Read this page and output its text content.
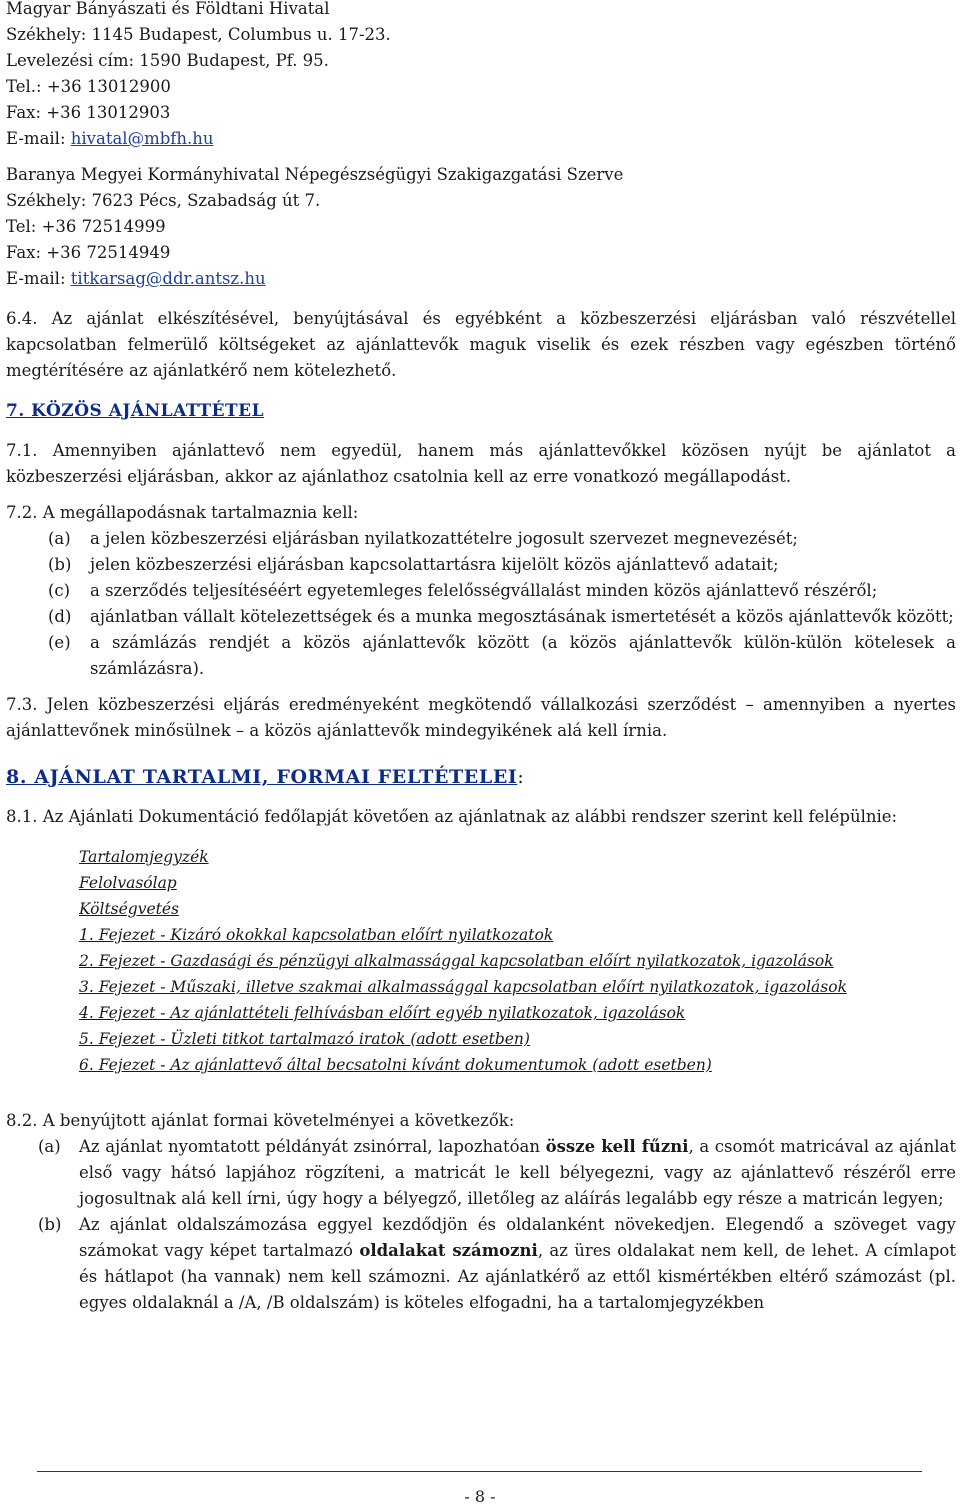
Magyar Bányászati és Földtani Hivatal
Székhely: 1145 Budapest, Columbus u. 17-23.
Levelezési cím: 1590 Budapest, Pf. 95.
Tel.: +36 13012900
Fax: +36 13012903
E-mail: hivatal@mbfh.hu
Baranya Megyei Kormányhivatal Népegészségügyi Szakigazgatási Szerve
Székhely: 7623 Pécs, Szabadság út 7.
Tel: +36 72514999
Fax: +36 72514949
E-mail: titkarsag@ddr.antsz.hu

6.4. Az ajánlat elkészítésével, benyújtásával és egyébként a közbeszerzési eljárásban való részvétellel kapcsolatban felmerülő költségeket az ajánlattevők maguk viselik és ezek részben vagy egészben történő megtérítésére az ajánlatkérő nem kötelezhető.

7. KÖZÖS AJÁNLATTÉTEL

7.1. Amennyiben ajánlattevő nem egyedül, hanem más ajánlattevőkkel közösen nyújt be ajánlatot a közbeszerzési eljárásban, akkor az ajánlathoz csatolnia kell az erre vonatkozó megállapodást.

7.2. A megállapodásnak tartalmaznia kell:

(a)	a jelen közbeszerzési eljárásban nyilatkozattételre jogosult szervezet megnevezését;
(b)	jelen közbeszerzési eljárásban kapcsolattartásra kijelölt közös ajánlattevő adatait;
(c)	a szerződés teljesítéséért egyetemleges felelősségvállalást minden közös ajánlattevő részéről;
(d)	ajánlatban vállalt kötelezettségek és a munka megosztásának ismertetését a közös ajánlattevők között;
(e)	a számlázás rendjét a közös ajánlattevők között (a közös ajánlattevők külön-külön kötelesek a számlázásra).

7.3. Jelen közbeszerzési eljárás eredményeként megkötendő vállalkozási szerződést – amennyiben a nyertes ajánlattevőnek minősülnek – a közös ajánlattevők mindegyikének alá kell írnia.

8. AJÁNLAT TARTALMI, FORMAI FELTÉTELEI:

8.1. Az Ajánlati Dokumentáció fedőlapját követően az ajánlatnak az alábbi rendszer szerint kell felépülnie:

Tartalomjegyzék
Felolvasólap
Költségvetés
1. Fejezet - Kizáró okokkal kapcsolatban előírt nyilatkozatok
2. Fejezet - Gazdasági és pénzügyi alkalmassággal kapcsolatban előírt nyilatkozatok, igazolások
3. Fejezet - Műszaki, illetve szakmai alkalmassággal kapcsolatban előírt nyilatkozatok, igazolások
4. Fejezet - Az ajánlattételi felhívásban előírt egyéb nyilatkozatok, igazolások
5. Fejezet - Üzleti titkot tartalmazó iratok (adott esetben)
6. Fejezet - Az ajánlattevő által becsatolni kívánt dokumentumok (adott esetben)

8.2. A benyújtott ajánlat formai követelményei a következők:

(a)	Az ajánlat nyomtatott példányát zsinórral, lapozhatóan össze kell fűzni, a csomót matricával az ajánlat első vagy hátsó lapjához rögzíteni, a matricát le kell bélyegezni, vagy az ajánlattevő részéről erre jogosultnak alá kell írni, úgy hogy a bélyegző, illetőleg az aláírás legalább egy része a matricán legyen;
(b)	Az ajánlat oldalszámozása eggyel kezdődjön és oldalanként növekedjen. Elegendő a szöveget vagy számokat vagy képet tartalmazó oldalakat számozni, az üres oldalakat nem kell, de lehet. A címlapot és hátlapot (ha vannak) nem kell számozni. Az ajánlatkérő az ettől kismértékben eltérő számozást (pl. egyes oldalaknál a /A, /B oldalszám) is köteles elfogadni, ha a tartalomjegyzékben
- 8 -
